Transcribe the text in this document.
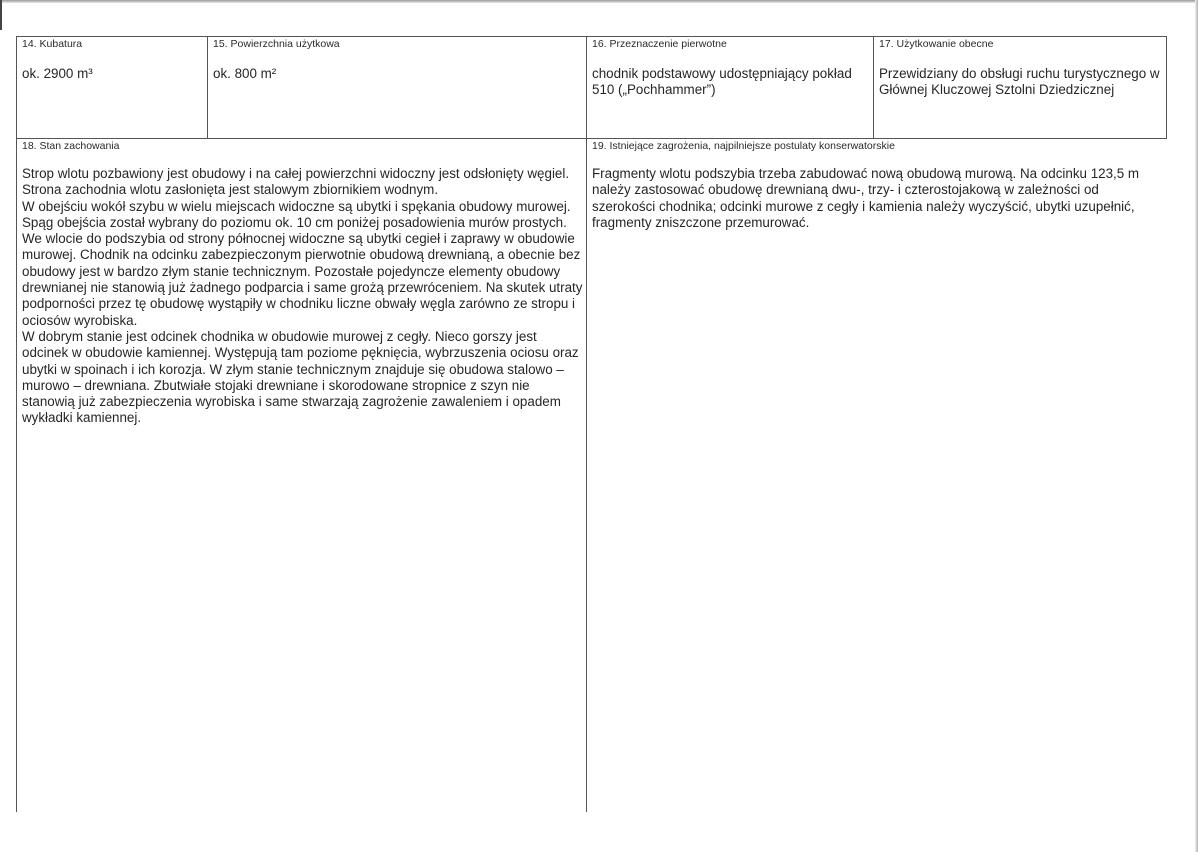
14. Kubatura
ok. 2900 m³
15. Powierzchnia użytkowa
ok. 800 m²
16. Przeznaczenie pierwotne
chodnik podstawowy udostępniający pokład 510 („Pochhammer”)
17. Użytkowanie obecne
Przewidziany do obsługi ruchu turystycznego w Głównej Kluczowej Sztolni Dziedzicznej
18. Stan zachowania

Strop wlotu pozbawiony jest obudowy i na całej powierzchni widoczny jest odsłonięty węgiel. Strona zachodnia wlotu zasłonięta jest stalowym zbiornikiem wodnym.

W obejściu wokół szybu w wielu miejscach widoczne są ubytki i spękania obudowy murowej. Spąg obejścia został wybrany do poziomu ok. 10 cm poniżej posadowienia murów prostych. We wlocie do podszybia od strony północnej widoczne są ubytki cegieł i zaprawy w obudowie murowej. Chodnik na odcinku zabezpieczonym pierwotnie obudową drewnianą, a obecnie bez obudowy jest w bardzo złym stanie technicznym. Pozostałe pojedyncze elementy obudowy drewnianej nie stanowią już żadnego podparcia i same grożą przewróceniem. Na skutek utraty podporności przez tę obudowę wystąpiły w chodniku liczne obwały węgla zarówno ze stropu i ociosów wyrobiska.

W dobrym stanie jest odcinek chodnika w obudowie murowej z cegły. Nieco gorszy jest odcinek w obudowie kamiennej. Występują tam poziome pęknięcia, wybrzuszenia ociosu oraz ubytki w spoinach i ich korozja. W złym stanie technicznym znajduje się obudowa stalowo – murowo – drewniana. Zbutwiałe stojaki drewniane i skorodowane stropnice z szyn nie stanowią już zabezpieczenia wyrobiska i same stwarzają zagrożenie zawaleniem i opadem wykładki kamiennej.

19. Istniejące zagrożenia, najpilniejsze postulaty konserwatorskie
Fragmenty wlotu podszybia trzeba zabudować nową obudową murową. Na odcinku 123,5 m należy zastosować obudowę drewnianą dwu-, trzy- i czterostojakową w zależności od szerokości chodnika; odcinki murowe z cegły i kamienia należy wyczyścić, ubytki uzupełnić, fragmenty zniszczone przemurować.
